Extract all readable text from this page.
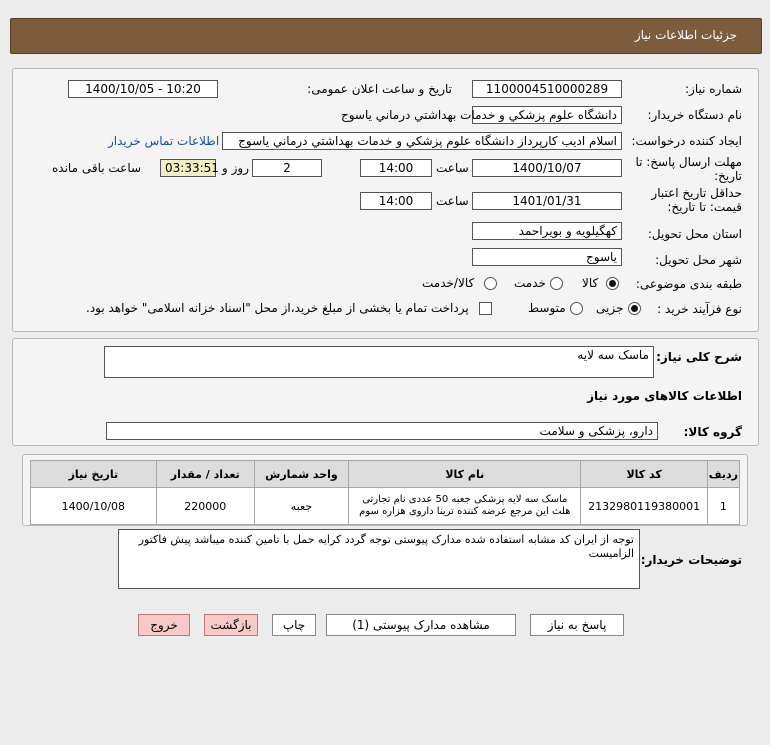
جزئیات اطلاعات نیاز
شماره نیاز:
1100004510000289
تاریخ و ساعت اعلان عمومی:
1400/10/05 - 10:20
نام دستگاه خریدار:
دانشگاه علوم پزشكي و خدمات بهداشتي درماني ياسوج
ایجاد کننده درخواست:
اسلام اديب كارپرداز دانشگاه علوم پزشكي و خدمات بهداشتي درماني ياسوج
اطلاعات تماس خریدار
مهلت ارسال پاسخ: تا
تاریخ:
1400/10/07
ساعت
14:00
2
روز و
03:33:51
ساعت باقی مانده
حداقل تاریخ اعتبار
قیمت: تا تاریخ:
1401/01/31
ساعت
14:00
استان محل تحویل:
کهگیلویه و بویراحمد
شهر محل تحویل:
یاسوج
طبقه بندی موضوعی:
کالا
خدمت
کالا/خدمت
نوع فرآیند خرید :
جزیی
متوسط
پرداخت تمام یا بخشی از مبلغ خرید،از محل "اسناد خزانه اسلامی" خواهد بود.
شرح کلی نیاز:
ماسک سه لایه
اطلاعات کالاهای مورد نیاز
گروه کالا:
دارو، پزشکی و سلامت
ردیف	کد کالا	نام کالا	واحد شمارش	تعداد / مقدار	تاریخ نیاز
1	2132980119380001	ماسک سه لایه پزشکی جعبه 50 عددی نام تجارتی هلث این مرجع عرضه کننده ترینا داروی هزاره سوم	جعبه	220000	1400/10/08
توضیحات خریدار:
توجه از ایران کد مشابه استفاده شده مدارک پیوستی توجه گردد کرایه حمل با تامین کننده میباشد پیش فاکتور الزامیست
پاسخ به نیاز
مشاهده مدارک پیوستی (1)
چاپ
بازگشت
خروج
